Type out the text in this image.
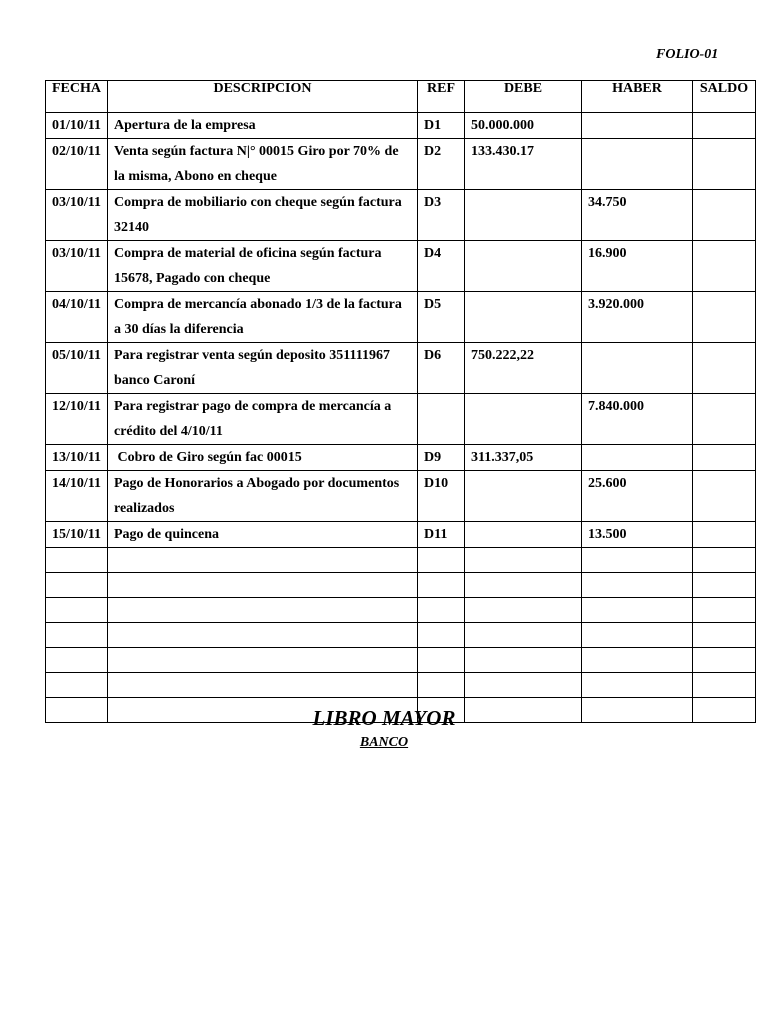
FOLIO-01
FECHA	DESCRIPCION	REF	DEBE	HABER	SALDO
01/10/11	Apertura de la empresa	D1	50.000.000		
02/10/11	Venta según factura N|° 00015 Giro por 70% de la misma, Abono en cheque	D2	133.430.17		
03/10/11	Compra de mobiliario con cheque según factura 32140	D3		34.750	
03/10/11	Compra de material de oficina según factura 15678, Pagado con cheque	D4		16.900	
04/10/11	Compra de mercancía abonado 1/3 de la factura a 30 días la diferencia	D5		3.920.000	
05/10/11	Para registrar venta según deposito 351111967 banco Caroní	D6	750.222,22		
12/10/11	Para registrar pago de compra de mercancía a crédito del 4/10/11			7.840.000	
13/10/11	Cobro de Giro según fac 00015	D9	311.337,05		
14/10/11	Pago de Honorarios a Abogado por documentos realizados	D10		25.600	
15/10/11	Pago de quincena	D11		13.500	

LIBRO MAYOR
BANCO
